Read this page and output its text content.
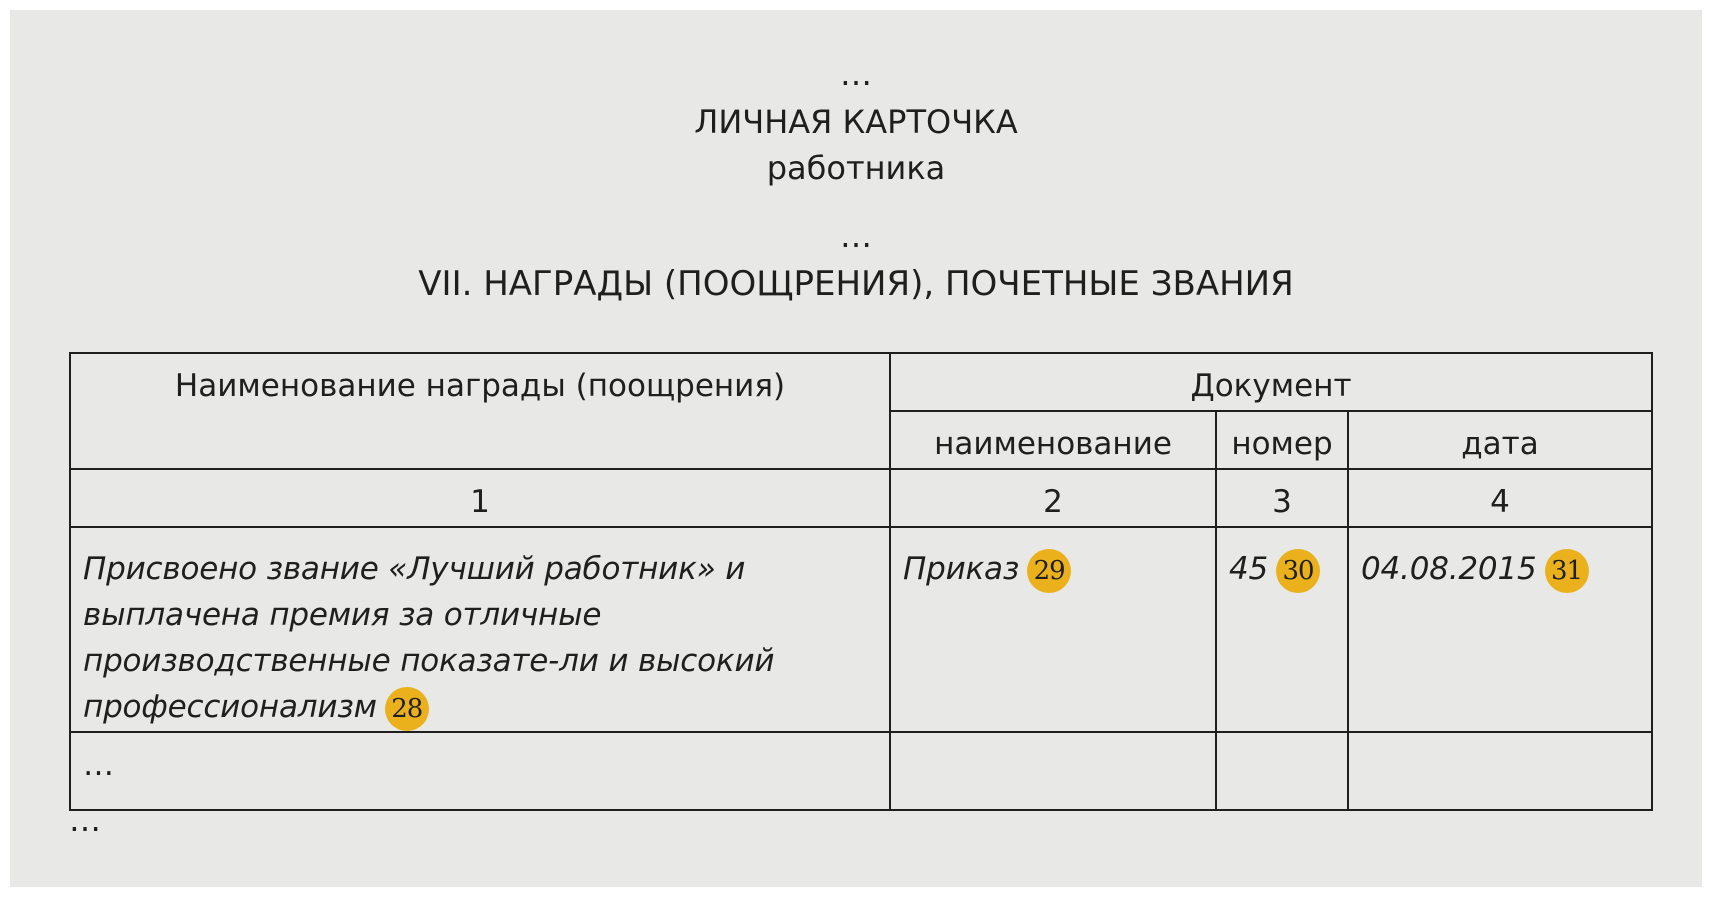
…
ЛИЧНАЯ КАРТОЧКА
работника
…
VII. НАГРАДЫ (ПООЩРЕНИЯ), ПОЧЕТНЫЕ ЗВАНИЯ
Наименование награды (поощрения)	Документ		
	наименование	номер	дата
1	2	3	4
Присвоено звание «Лучший работник» и выплачена премия за отличные производственные показате-ли и высокий профессионализм 28	Приказ 29	45 30	04.08.2015 31
…			
…
